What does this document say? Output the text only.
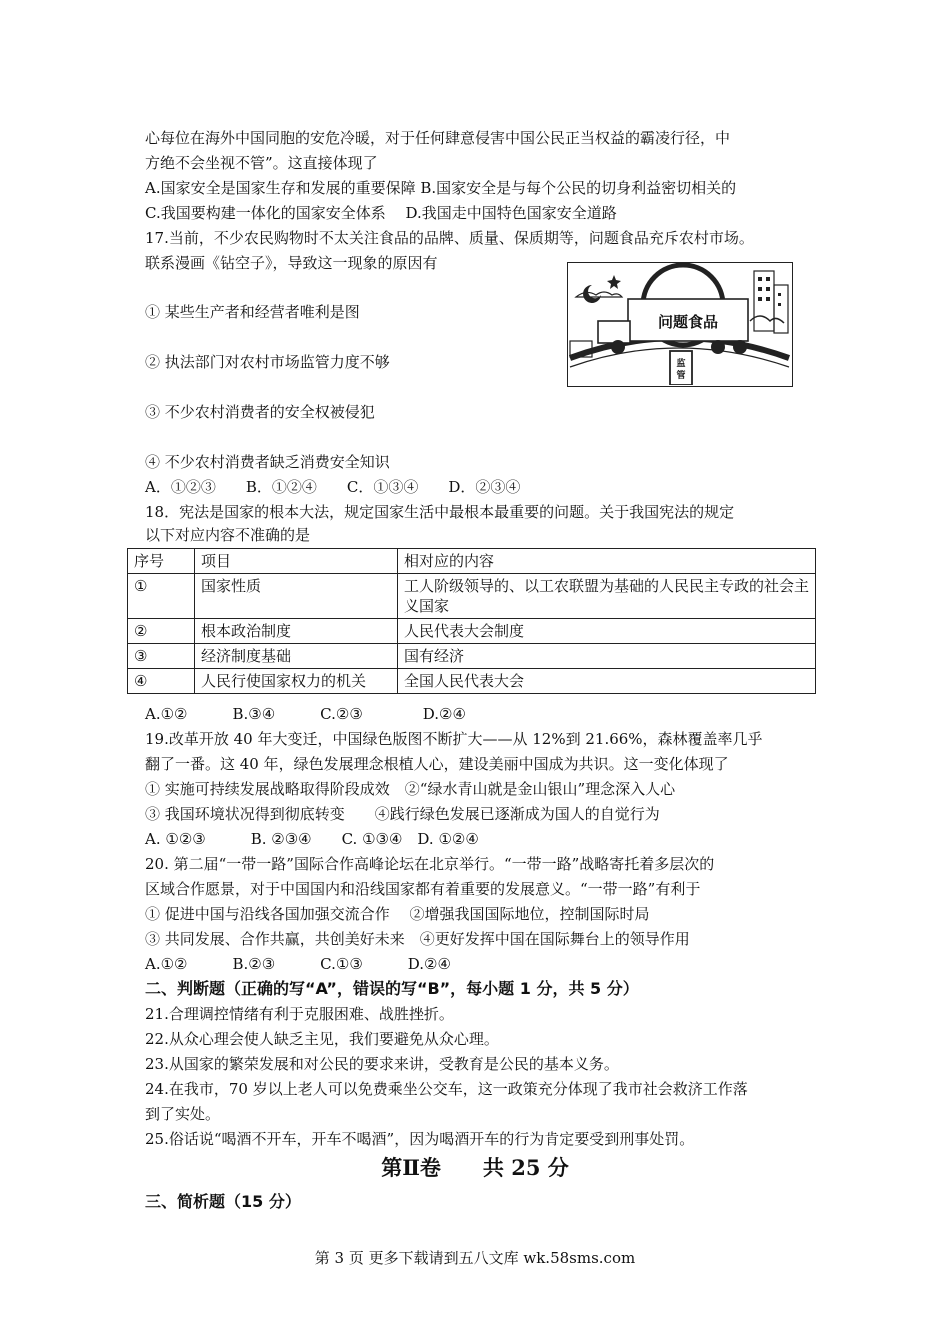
心每位在海外中国同胞的安危冷暖，对于任何肆意侵害中国公民正当权益的霸凌行径，中
方绝不会坐视不管”。这直接体现了
A.国家安全是国家生存和发展的重要保障 B.国家安全是与每个公民的切身利益密切相关的
C.我国要构建一体化的国家安全体系　 D.我国走中国特色国家安全道路
17.当前，不少农民购物时不太关注食品的品牌、质量、保质期等，问题食品充斥农村市场。
联系漫画《钻空子》，导致这一现象的原因有
问题食品
监
管
① 某些生产者和经营者唯利是图
② 执法部门对农村市场监管力度不够
③ 不少农村消费者的安全权被侵犯
④ 不少农村消费者缺乏消费安全知识
A．①②③　　B．①②④　　C．①③④　　D．②③④
18．宪法是国家的根本大法，规定国家生活中最根本最重要的问题。关于我国宪法的规定
以下对应内容不准确的是
序号	项目	相对应的内容
①	国家性质	工人阶级领导的、以工农联盟为基础的人民民主专政的社会主义国家
②	根本政治制度	人民代表大会制度
③	经济制度基础	国有经济
④	人民行使国家权力的机关	全国人民代表大会
A.①②　　　B.③④　　　C.②③　　　　D.②④
19.改革开放 40 年大变迁，中国绿色版图不断扩大——从 12%到 21.66%，森林覆盖率几乎
翻了一番。这 40 年，绿色发展理念根植人心，建设美丽中国成为共识。这一变化体现了
① 实施可持续发展战略取得阶段成效　②“绿水青山就是金山银山”理念深入人心
③ 我国环境状况得到彻底转变　　④践行绿色发展已逐渐成为国人的自觉行为
A. ①②③　　　B. ②③④　　C. ①③④　D. ①②④
20. 第二届“一带一路”国际合作高峰论坛在北京举行。“一带一路”战略寄托着多层次的
区域合作愿景，对于中国国内和沿线国家都有着重要的发展意义。“一带一路”有利于
① 促进中国与沿线各国加强交流合作　 ②增强我国国际地位，控制国际时局
③ 共同发展、合作共赢，共创美好未来　④更好发挥中国在国际舞台上的领导作用
A.①②　　　B.②③　　　C.①③　　　D.②④
二、判断题（正确的写“A”，错误的写“B”，每小题 1 分，共 5 分）
21.合理调控情绪有利于克服困难、战胜挫折。
22.从众心理会使人缺乏主见，我们要避免从众心理。
23.从国家的繁荣发展和对公民的要求来讲，受教育是公民的基本义务。
24.在我市，70 岁以上老人可以免费乘坐公交车，这一政策充分体现了我市社会救济工作落
到了实处。
25.俗话说“喝酒不开车，开车不喝酒”，因为喝酒开车的行为肯定要受到刑事处罚。
第Ⅱ卷　　共 25 分
三、简析题（15 分）
第 3 页 更多下载请到五八文库 wk.58sms.com
